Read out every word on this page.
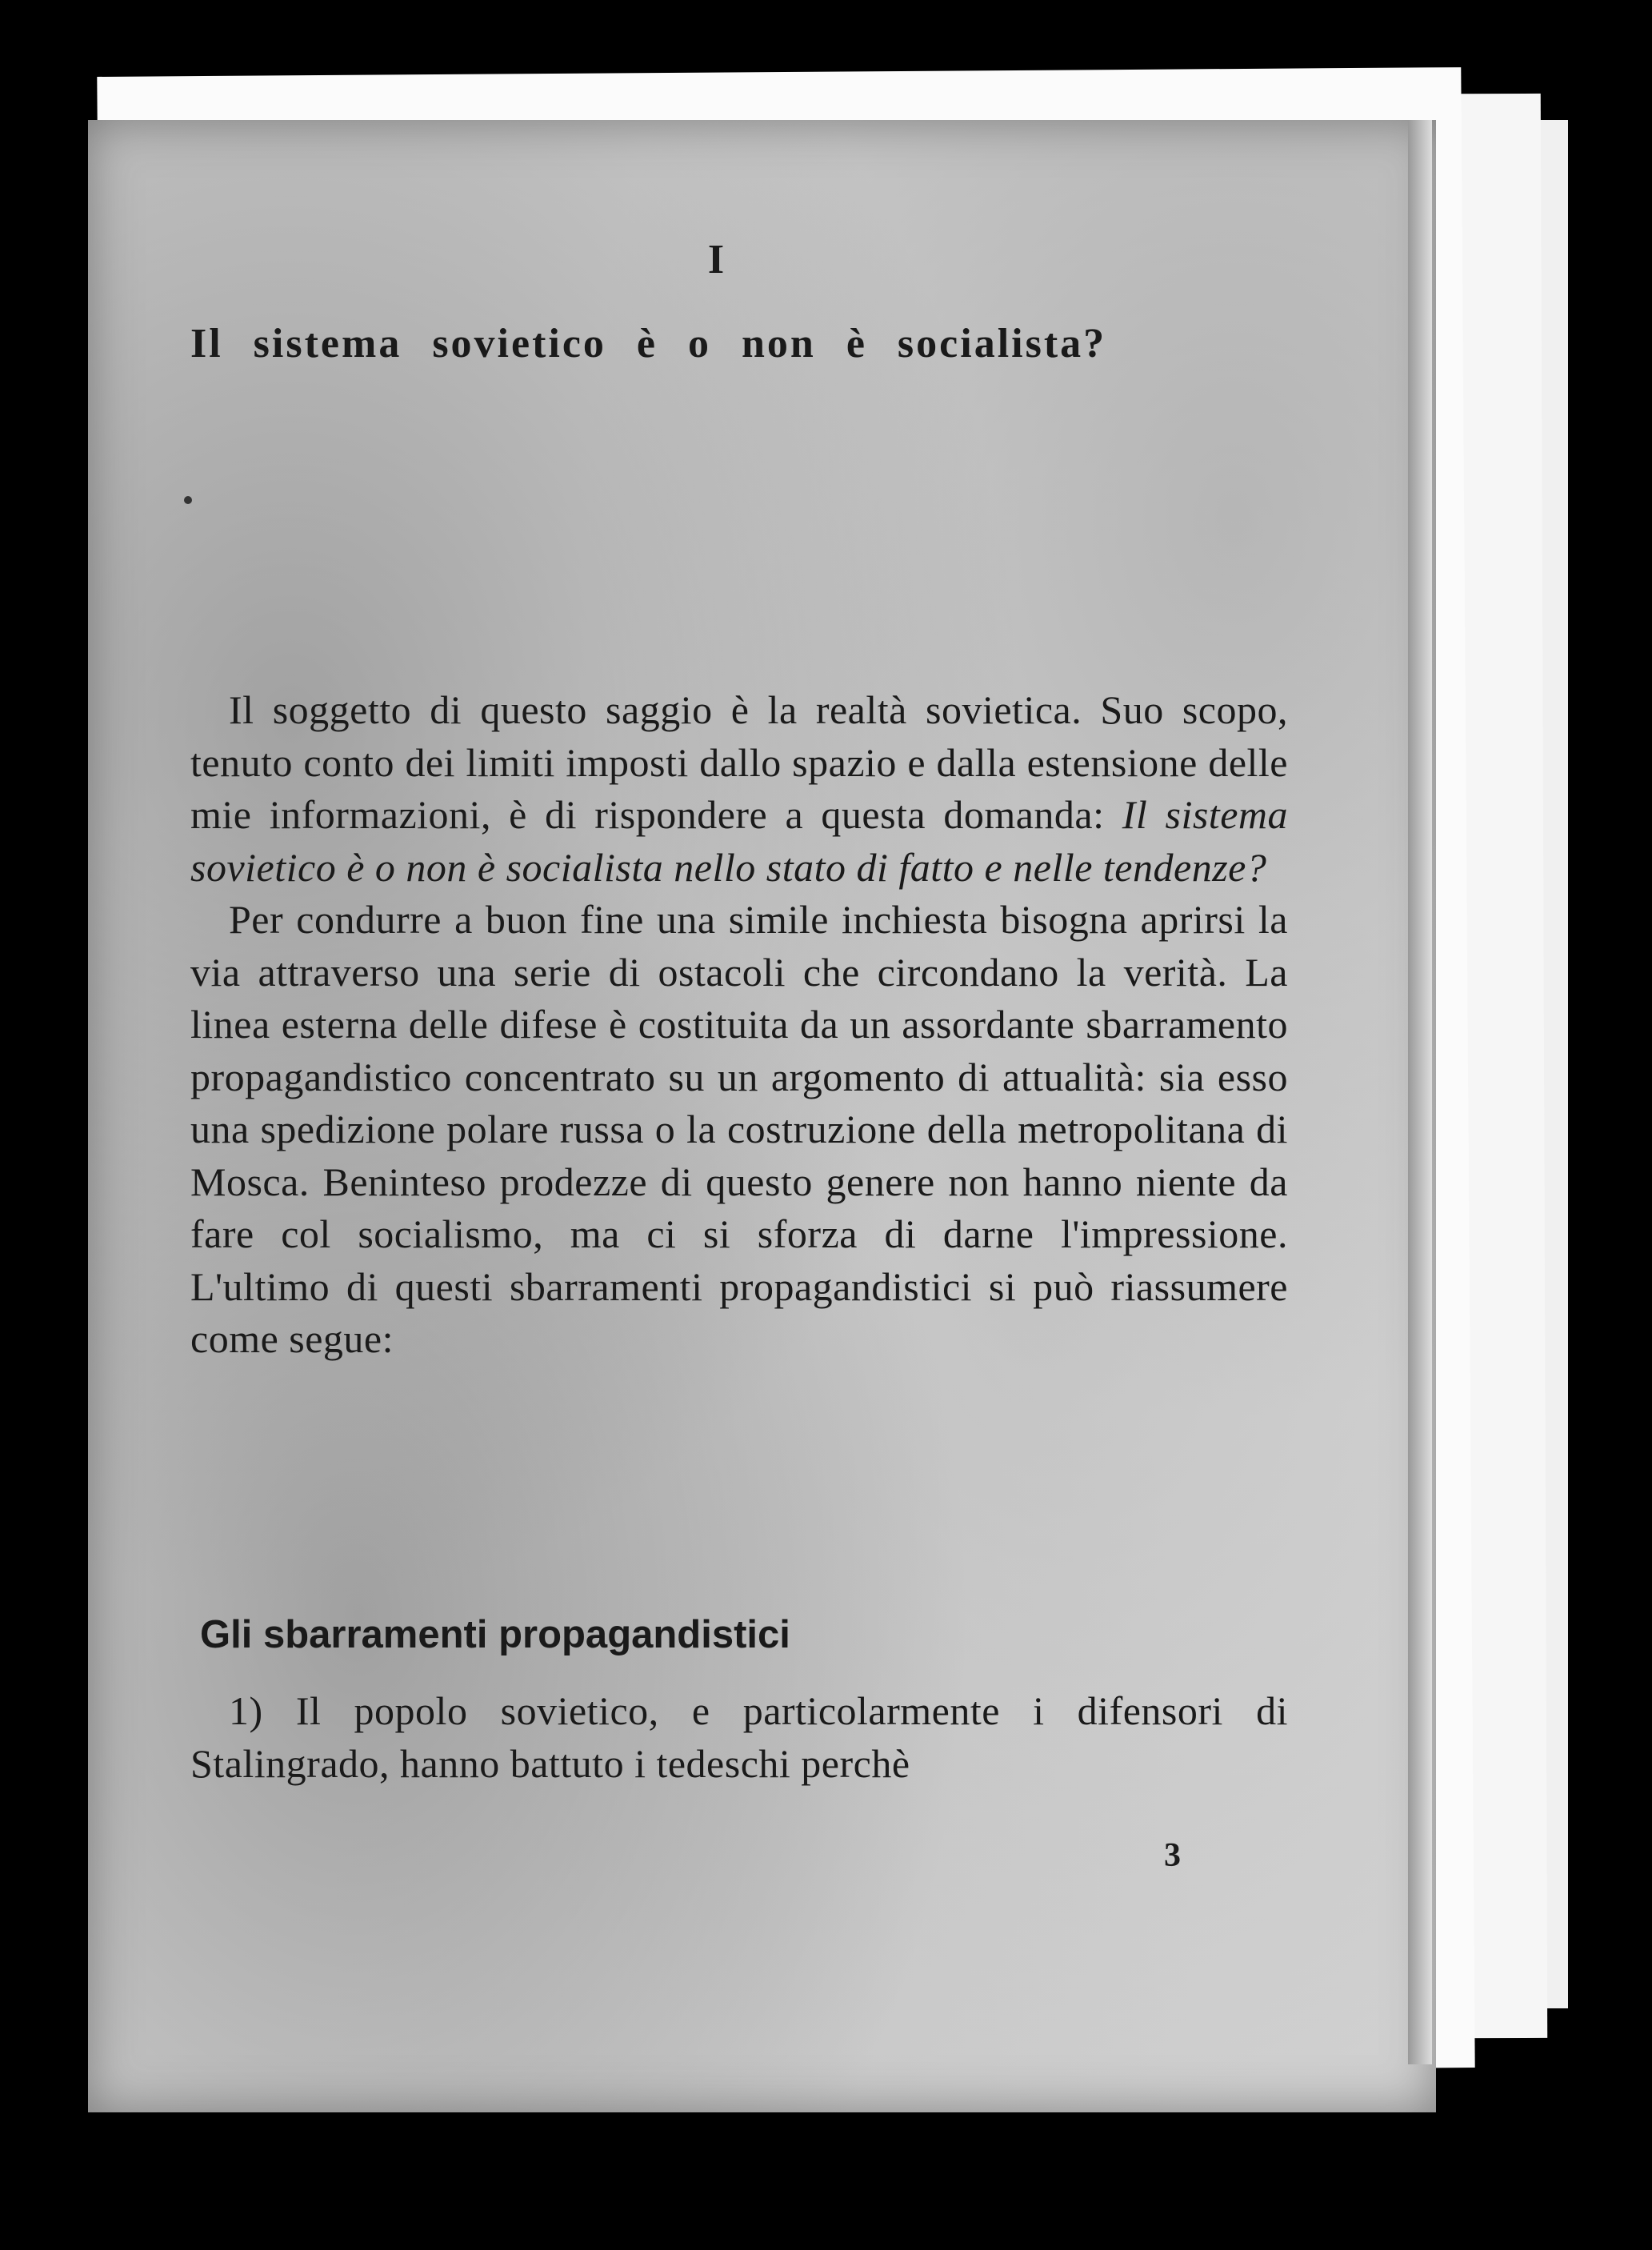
I
Il sistema sovietico è o non è socialista?

Il soggetto di questo saggio è la realtà sovietica. Suo scopo, tenuto conto dei limiti imposti dallo spazio e dalla estensione delle mie informazioni, è di rispondere a questa domanda: Il sistema sovietico è o non è socialista nello stato di fatto e nelle tendenze?

Per condurre a buon fine una simile inchiesta bisogna aprirsi la via attraverso una serie di ostacoli che circondano la verità. La linea esterna delle difese è costituita da un assordante sbarramento propagandistico concentrato su un argomento di attualità: sia esso una spedizione polare russa o la costruzione della metropolitana di Mosca. Beninteso prodezze di questo genere non hanno niente da fare col socialismo, ma ci si sforza di darne l'impressione. L'ultimo di questi sbarramenti propagandistici si può riassumere come segue:

Gli sbarramenti propagandistici

1) Il popolo sovietico, e particolarmente i difensori di Stalingrado, hanno battuto i tedeschi perchè

3
